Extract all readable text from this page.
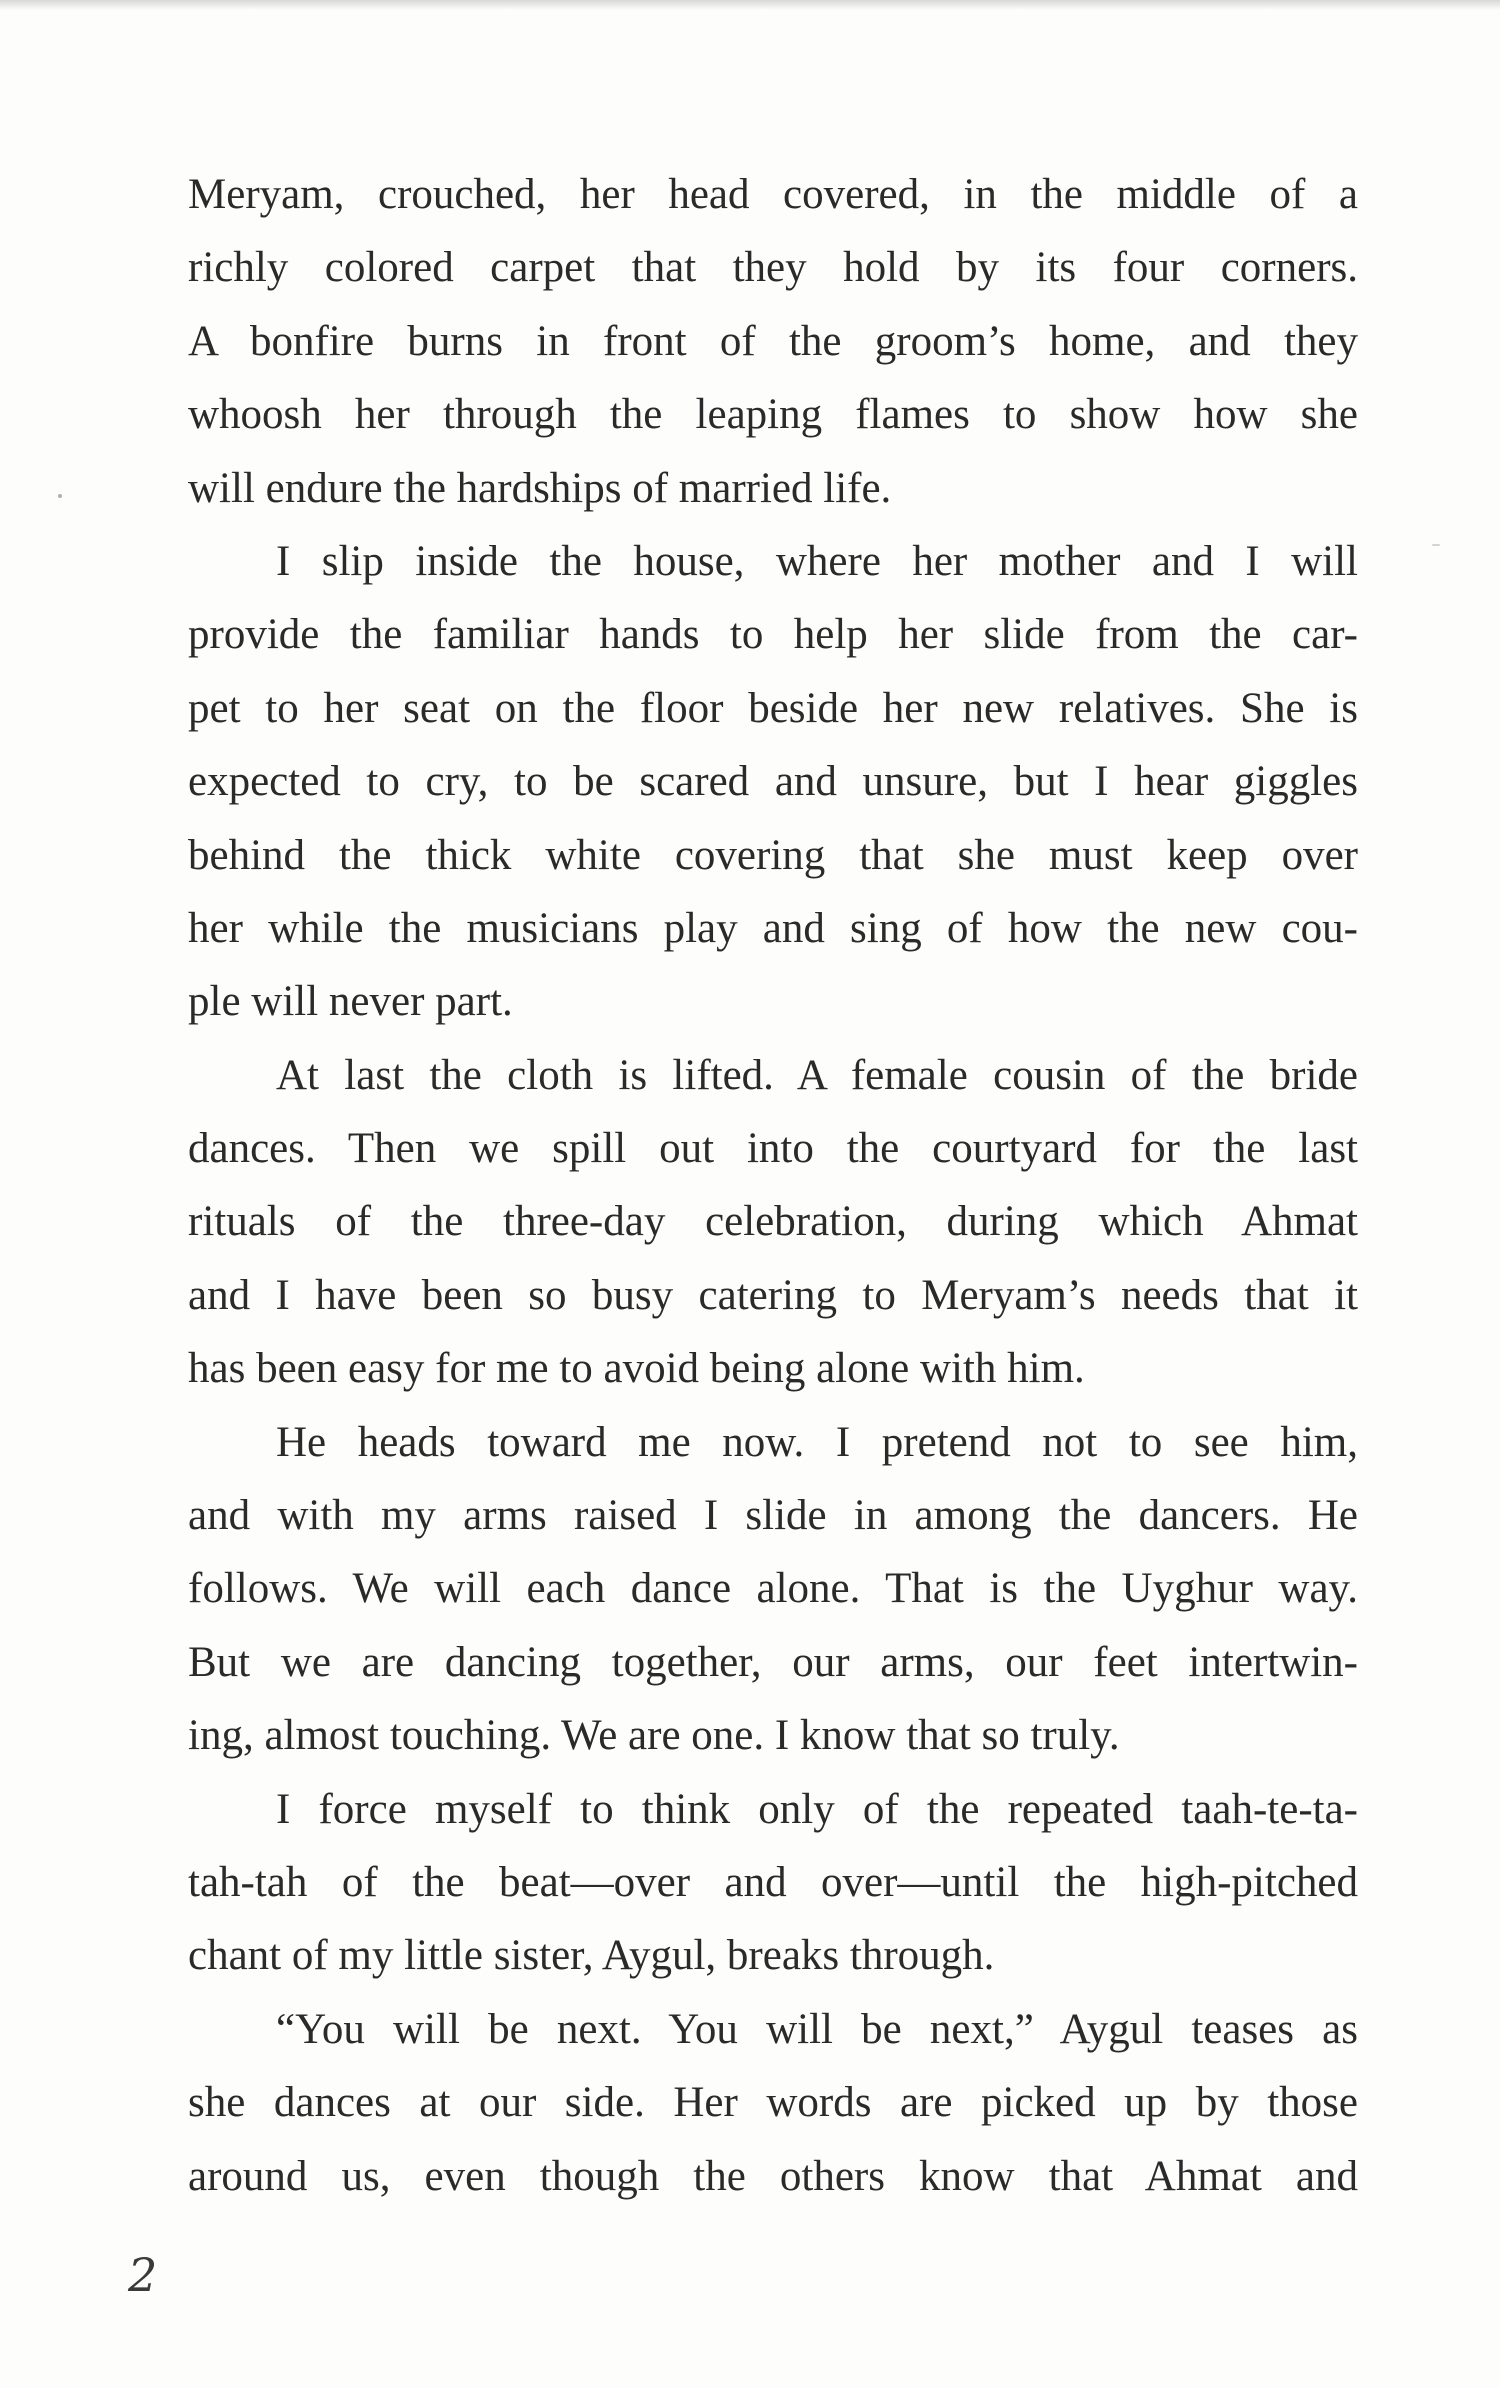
Meryam, crouched, her head covered, in the middle of a
richly colored carpet that they hold by its four corners.
A bonfire burns in front of the groom’s home, and they
whoosh her through the leaping flames to show how she
will endure the hardships of married life.
I slip inside the house, where her mother and I will
provide the familiar hands to help her slide from the car-
pet to her seat on the floor beside her new relatives. She is
expected to cry, to be scared and unsure, but I hear giggles
behind the thick white covering that she must keep over
her while the musicians play and sing of how the new cou-
ple will never part.
At last the cloth is lifted. A female cousin of the bride
dances. Then we spill out into the courtyard for the last
rituals of the three-day celebration, during which Ahmat
and I have been so busy catering to Meryam’s needs that it
has been easy for me to avoid being alone with him.
He heads toward me now. I pretend not to see him,
and with my arms raised I slide in among the dancers. He
follows. We will each dance alone. That is the Uyghur way.
But we are dancing together, our arms, our feet intertwin-
ing, almost touching. We are one. I know that so truly.
I force myself to think only of the repeated taah-te-ta-
tah-tah of the beat—over and over—until the high-pitched
chant of my little sister, Aygul, breaks through.
“You will be next. You will be next,” Aygul teases as
she dances at our side. Her words are picked up by those
around us, even though the others know that Ahmat and
2
